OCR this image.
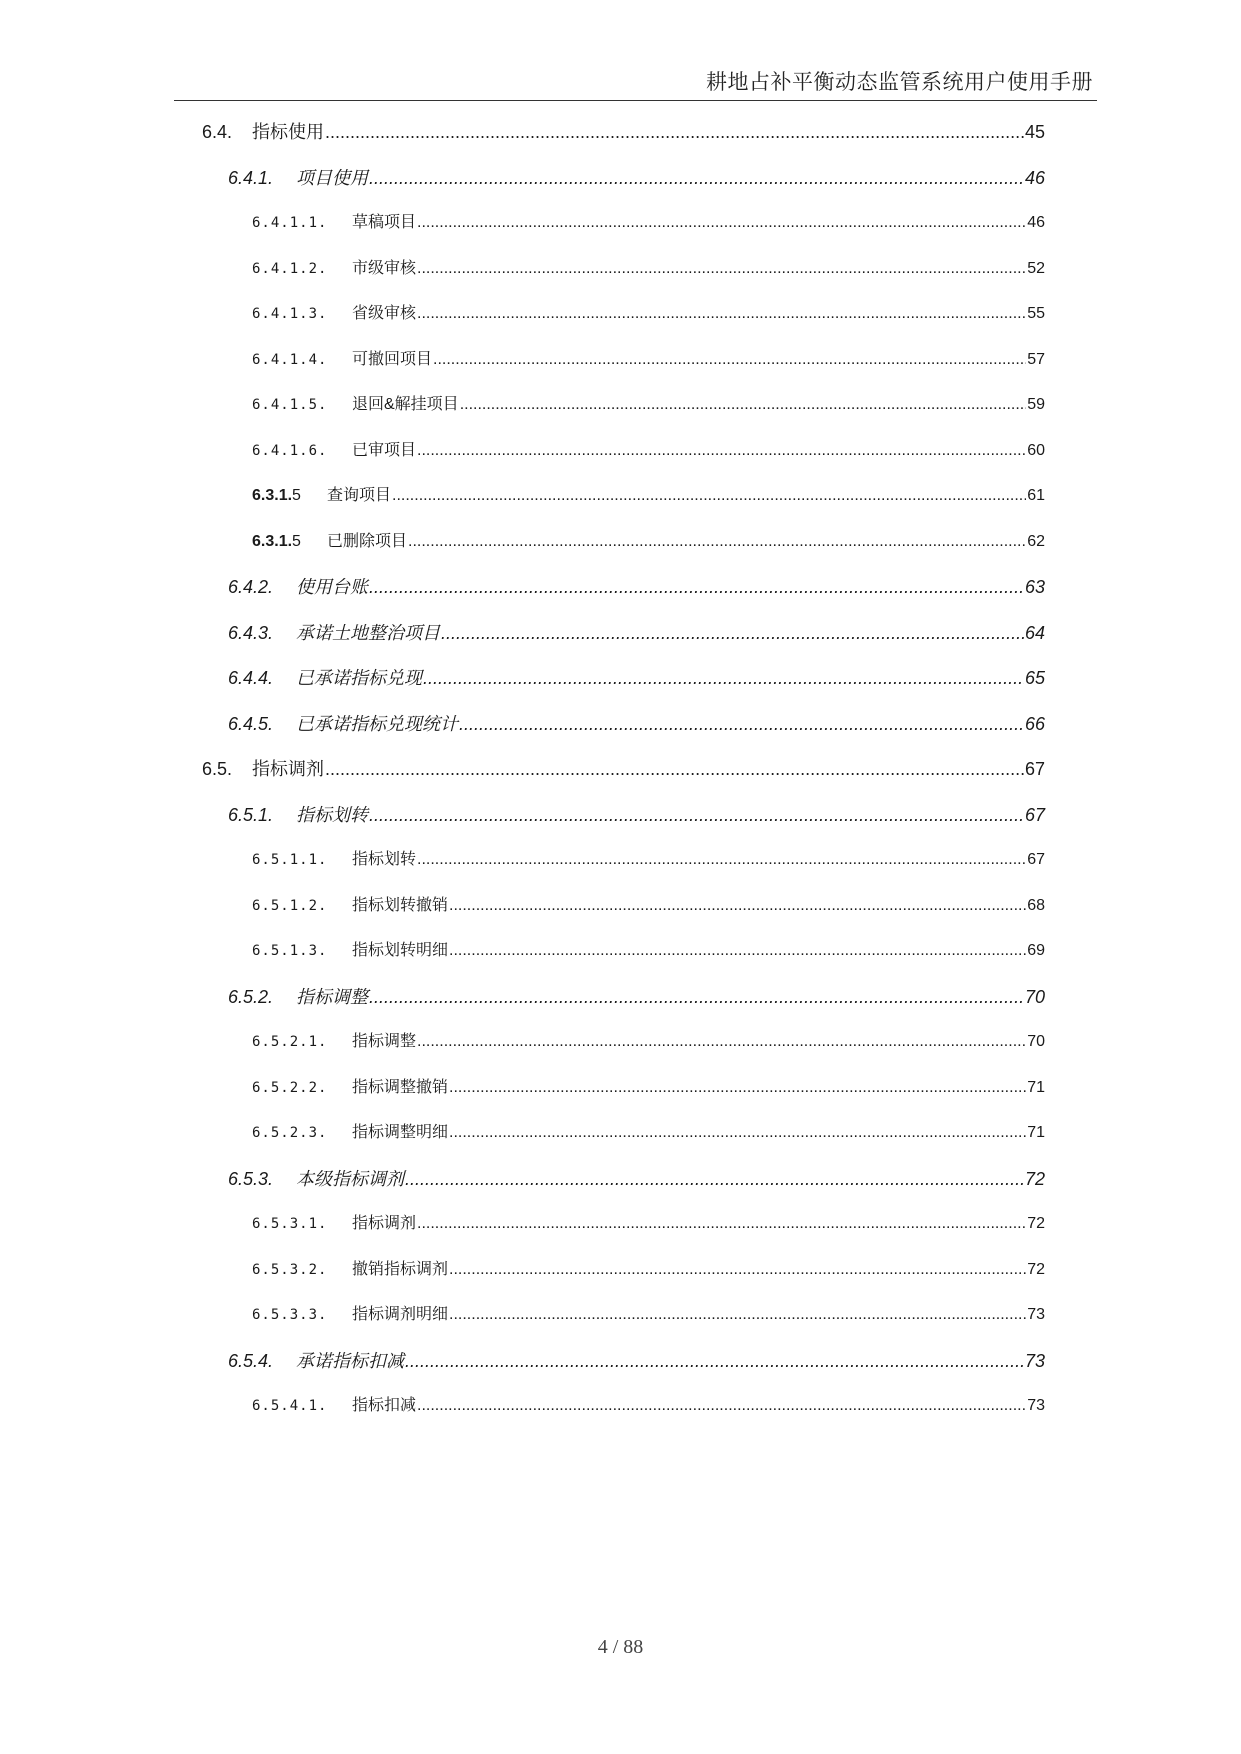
耕地占补平衡动态监管系统用户使用手册
6.4.	指标使用 .....	45
6.4.1.	项目使用 .....	46
6.4.1.1.	草稿项目 .....	46
6.4.1.2.	市级审核 .....	52
6.4.1.3.	省级审核 .....	55
6.4.1.4.	可撤回项目 .....	57
6.4.1.5.	退回&解挂项目 .....	59
6.4.1.6.	已审项目 .....	60
6.3.1.5	查询项目 .....	61
6.3.1.5	已删除项目 .....	62
6.4.2.	使用台账 .....	63
6.4.3.	承诺土地整治项目 .....	64
6.4.4.	已承诺指标兑现 .....	65
6.4.5.	已承诺指标兑现统计 .....	66
6.5.	指标调剂 .....	67
6.5.1.	指标划转 .....	67
6.5.1.1.	指标划转 .....	67
6.5.1.2.	指标划转撤销 .....	68
6.5.1.3.	指标划转明细 .....	69
6.5.2.	指标调整 .....	70
6.5.2.1.	指标调整 .....	70
6.5.2.2.	指标调整撤销 .....	71
6.5.2.3.	指标调整明细 .....	71
6.5.3.	本级指标调剂 .....	72
6.5.3.1.	指标调剂 .....	72
6.5.3.2.	撤销指标调剂 .....	72
6.5.3.3.	指标调剂明细 .....	73
6.5.4.	承诺指标扣减 .....	73
6.5.4.1.	指标扣减 .....	73
4 / 88
